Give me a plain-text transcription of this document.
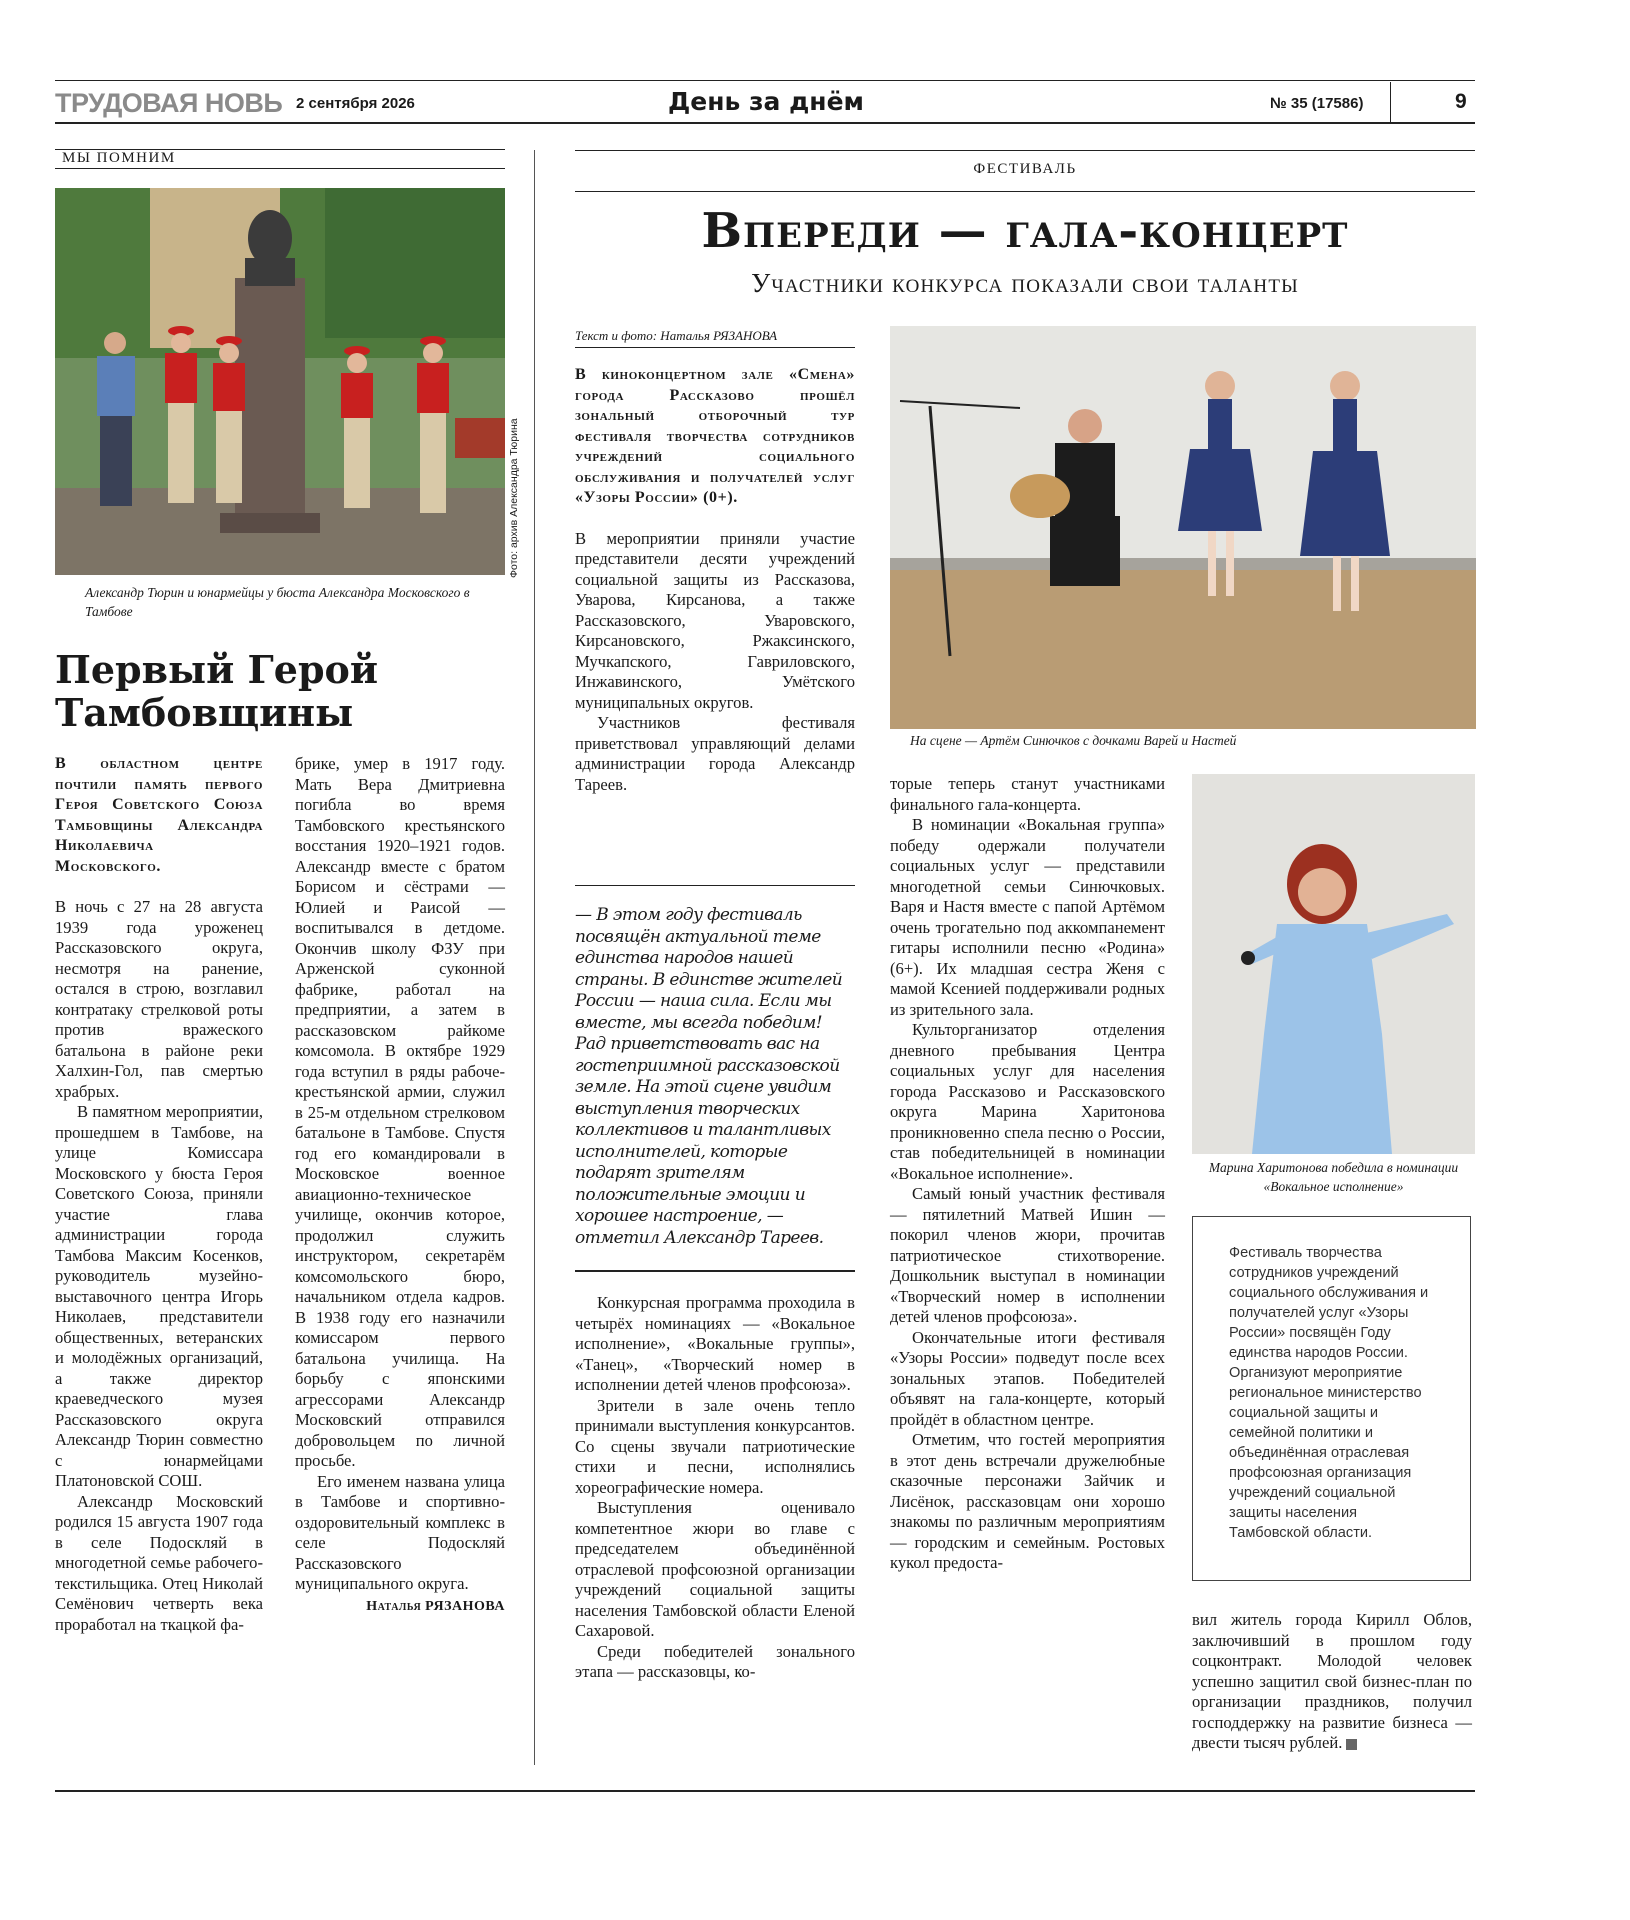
ТРУДОВАЯ НОВЬ 2 сентября 2026	День за днём	№ 35 (17586)	9
МЫ ПОМНИМ
Фото: архив Александра Тюрина
Александр Тюрин и юнармейцы у бюста Александра Московского в Тамбове
Первый Герой Тамбовщины
В областном центре почтили память первого Героя Советского Союза Тамбовщины Александра Николаевича Московского.

В ночь с 27 на 28 августа 1939 года уроженец Рассказовского округа, несмотря на ранение, остался в строю, возглавил контратаку стрелковой роты против вражеского батальона в районе реки Халхин-Гол, пав смертью храбрых.

В памятном мероприятии, прошедшем в Тамбове, на улице Комиссара Московского у бюста Героя Советского Союза, приняли участие глава администрации города Тамбова Максим Косенков, руководитель музейно-выставочного центра Игорь Николаев, представители общественных, ветеранских и молодёжных организаций, а также директор краеведческого музея Рассказовского округа Александр Тюрин совместно с юнармейцами Платоновской СОШ.

Александр Московский родился 15 августа 1907 года в селе Подоскляй в многодетной семье рабочего-текстильщика. Отец Николай Семёнович четверть века проработал на ткацкой фа-

брике, умер в 1917 году. Мать Вера Дмитриевна погибла во время Тамбовского крестьянского восстания 1920–1921 годов. Александр вместе с братом Борисом и сёстрами — Юлией и Раисой — воспитывался в детдоме. Окончив школу ФЗУ при Арженской суконной фабрике, работал на предприятии, а затем в рассказовском райкоме комсомола. В октябре 1929 года вступил в ряды рабоче-крестьянской армии, служил в 25-м отдельном стрелковом батальоне в Тамбове. Спустя год его командировали в Московское военное авиационно-техническое училище, окончив которое, продолжил служить инструктором, секретарём комсомольского бюро, начальником отдела кадров. В 1938 году его назначили комиссаром первого батальона училища. На борьбу с японскими агрессорами Александр Московский отправился добровольцем по личной просьбе.

Его именем названа улица в Тамбове и спортивно-оздоровительный комплекс в селе Подоскляй Рассказовского муниципального округа.

Наталья РЯЗАНОВА
ФЕСТИВАЛЬ
Впереди — гала-концерт
Участники конкурса показали свои таланты
Текст и фото: Наталья РЯЗАНОВА
В киноконцертном зале «Смена» города Рассказово прошёл зональный отборочный тур фестиваля творчества сотрудников учреждений социального обслуживания и получателей услуг «Узоры России» (0+).

В мероприятии приняли участие представители десяти учреждений социальной защиты из Рассказова, Уварова, Кирсанова, а также Рассказовского, Уваровского, Кирсановского, Ржаксинского, Мучкапского, Гавриловского, Инжавинского, Умётского муниципальных округов.

Участников фестиваля приветствовал управляющий делами администрации города Александр Тареев.

— В этом году фестиваль посвящён актуальной теме единства народов нашей страны. В единстве жителей России — наша сила. Если мы вместе, мы всегда победим! Рад приветствовать вас на гостеприимной рассказовской земле. На этой сцене увидим выступления творческих коллективов и талантливых исполнителей, которые подарят зрителям положительные эмоции и хорошее настроение, — отметил Александр Тареев.

Конкурсная программа проходила в четырёх номинациях — «Вокальное исполнение», «Вокальные группы», «Танец», «Творческий номер в исполнении детей членов профсоюза».

Зрители в зале очень тепло принимали выступления конкурсантов. Со сцены звучали патриотические стихи и песни, исполнялись хореографические номера.

Выступления оценивало компетентное жюри во главе с председателем объединённой отраслевой профсоюзной организации учреждений социальной защиты населения Тамбовской области Еленой Сахаровой.

Среди победителей зонального этапа — рассказовцы, ко-

На сцене — Артём Синючков с дочками Варей и Настей

торые теперь станут участниками финального гала-концерта.

В номинации «Вокальная группа» победу одержали получатели социальных услуг — представили многодетной семьи Синючковых. Варя и Настя вместе с папой Артёмом очень трогательно под аккомпанемент гитары исполнили песню «Родина» (6+). Их младшая сестра Женя с мамой Ксенией поддерживали родных из зрительного зала.

Культорганизатор отделения дневного пребывания Центра социальных услуг для населения города Рассказово и Рассказовского округа Марина Харитонова проникновенно спела песню о России, став победительницей в номинации «Вокальное исполнение».

Самый юный участник фестиваля — пятилетний Матвей Ишин — покорил членов жюри, прочитав патриотическое стихотворение. Дошкольник выступал в номинации «Творческий номер в исполнении детей членов профсоюза».

Окончательные итоги фестиваля «Узоры России» подведут после всех зональных этапов. Победителей объявят на гала-концерте, который пройдёт в областном центре.

Отметим, что гостей мероприятия в этот день встречали дружелюбные сказочные персонажи Зайчик и Лисёнок, рассказовцам они хорошо знакомы по различным мероприятиям — городским и семейным. Ростовых кукол предоста-

Марина Харитонова победила в номинации «Вокальное исполнение»
Фестиваль творчества сотрудников учреждений социального обслуживания и получателей услуг «Узоры России» посвящён Году единства народов России. Организуют мероприятие региональное министерство социальной защиты и семейной политики и объединённая отраслевая профсоюзная организация учреждений социальной защиты населения Тамбовской области.

вил житель города Кирилл Облов, заключивший в прошлом году соцконтракт. Молодой человек успешно защитил свой бизнес-план по организации праздников, получил господдержку на развитие бизнеса — двести тысяч рублей.
